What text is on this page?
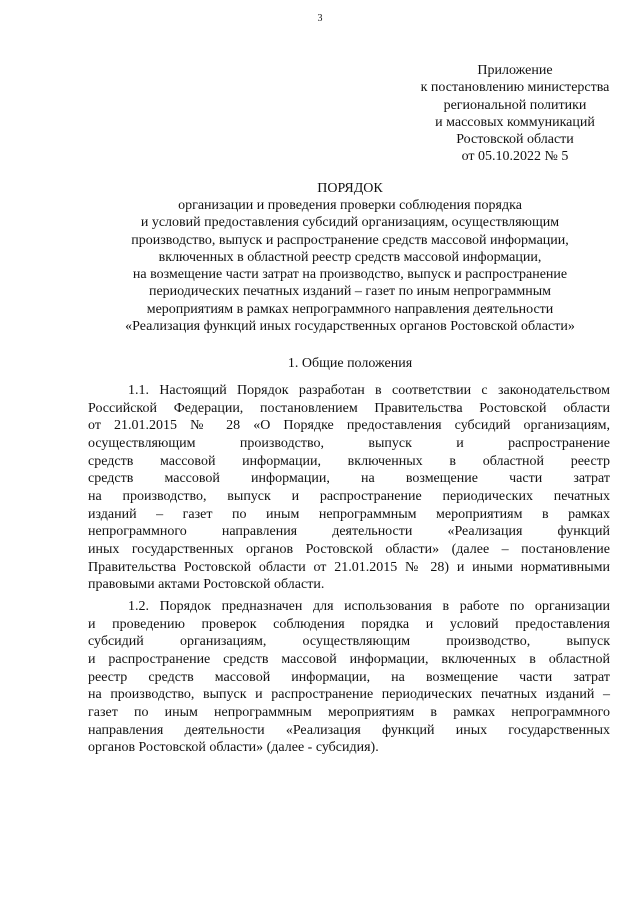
3
Приложение
к постановлению министерства
региональной политики
и массовых коммуникаций
Ростовской области
от 05.10.2022 № 5
ПОРЯДОК
организации и проведения проверки соблюдения порядка
и условий предоставления субсидий организациям, осуществляющим
производство, выпуск и распространение средств массовой информации,
включенных в областной реестр средств массовой информации,
на возмещение части затрат на производство, выпуск и распространение
периодических печатных изданий – газет по иным непрограммным
мероприятиям в рамках непрограммного направления деятельности
«Реализация функций иных государственных органов Ростовской области»
1. Общие положения
1.1. Настоящий Порядок разработан в соответствии с законодательством
Российской Федерации, постановлением Правительства Ростовской области
от 21.01.2015 № 28 «О Порядке предоставления субсидий организациям,
осуществляющим производство, выпуск и распространение
средств массовой информации, включенных в областной реестр
средств массовой информации, на возмещение части затрат
на производство, выпуск и распространение периодических печатных
изданий – газет по иным непрограммным мероприятиям в рамках
непрограммного направления деятельности «Реализация функций
иных государственных органов Ростовской области» (далее – постановление
Правительства Ростовской области от 21.01.2015 № 28) и иными нормативными
правовыми актами Ростовской области.
1.2. Порядок предназначен для использования в работе по организации
и проведению проверок соблюдения порядка и условий предоставления
субсидий организациям, осуществляющим производство, выпуск
и распространение средств массовой информации, включенных в областной
реестр средств массовой информации, на возмещение части затрат
на производство, выпуск и распространение периодических печатных изданий –
газет по иным непрограммным мероприятиям в рамках непрограммного
направления деятельности «Реализация функций иных государственных
органов Ростовской области» (далее - субсидия).
